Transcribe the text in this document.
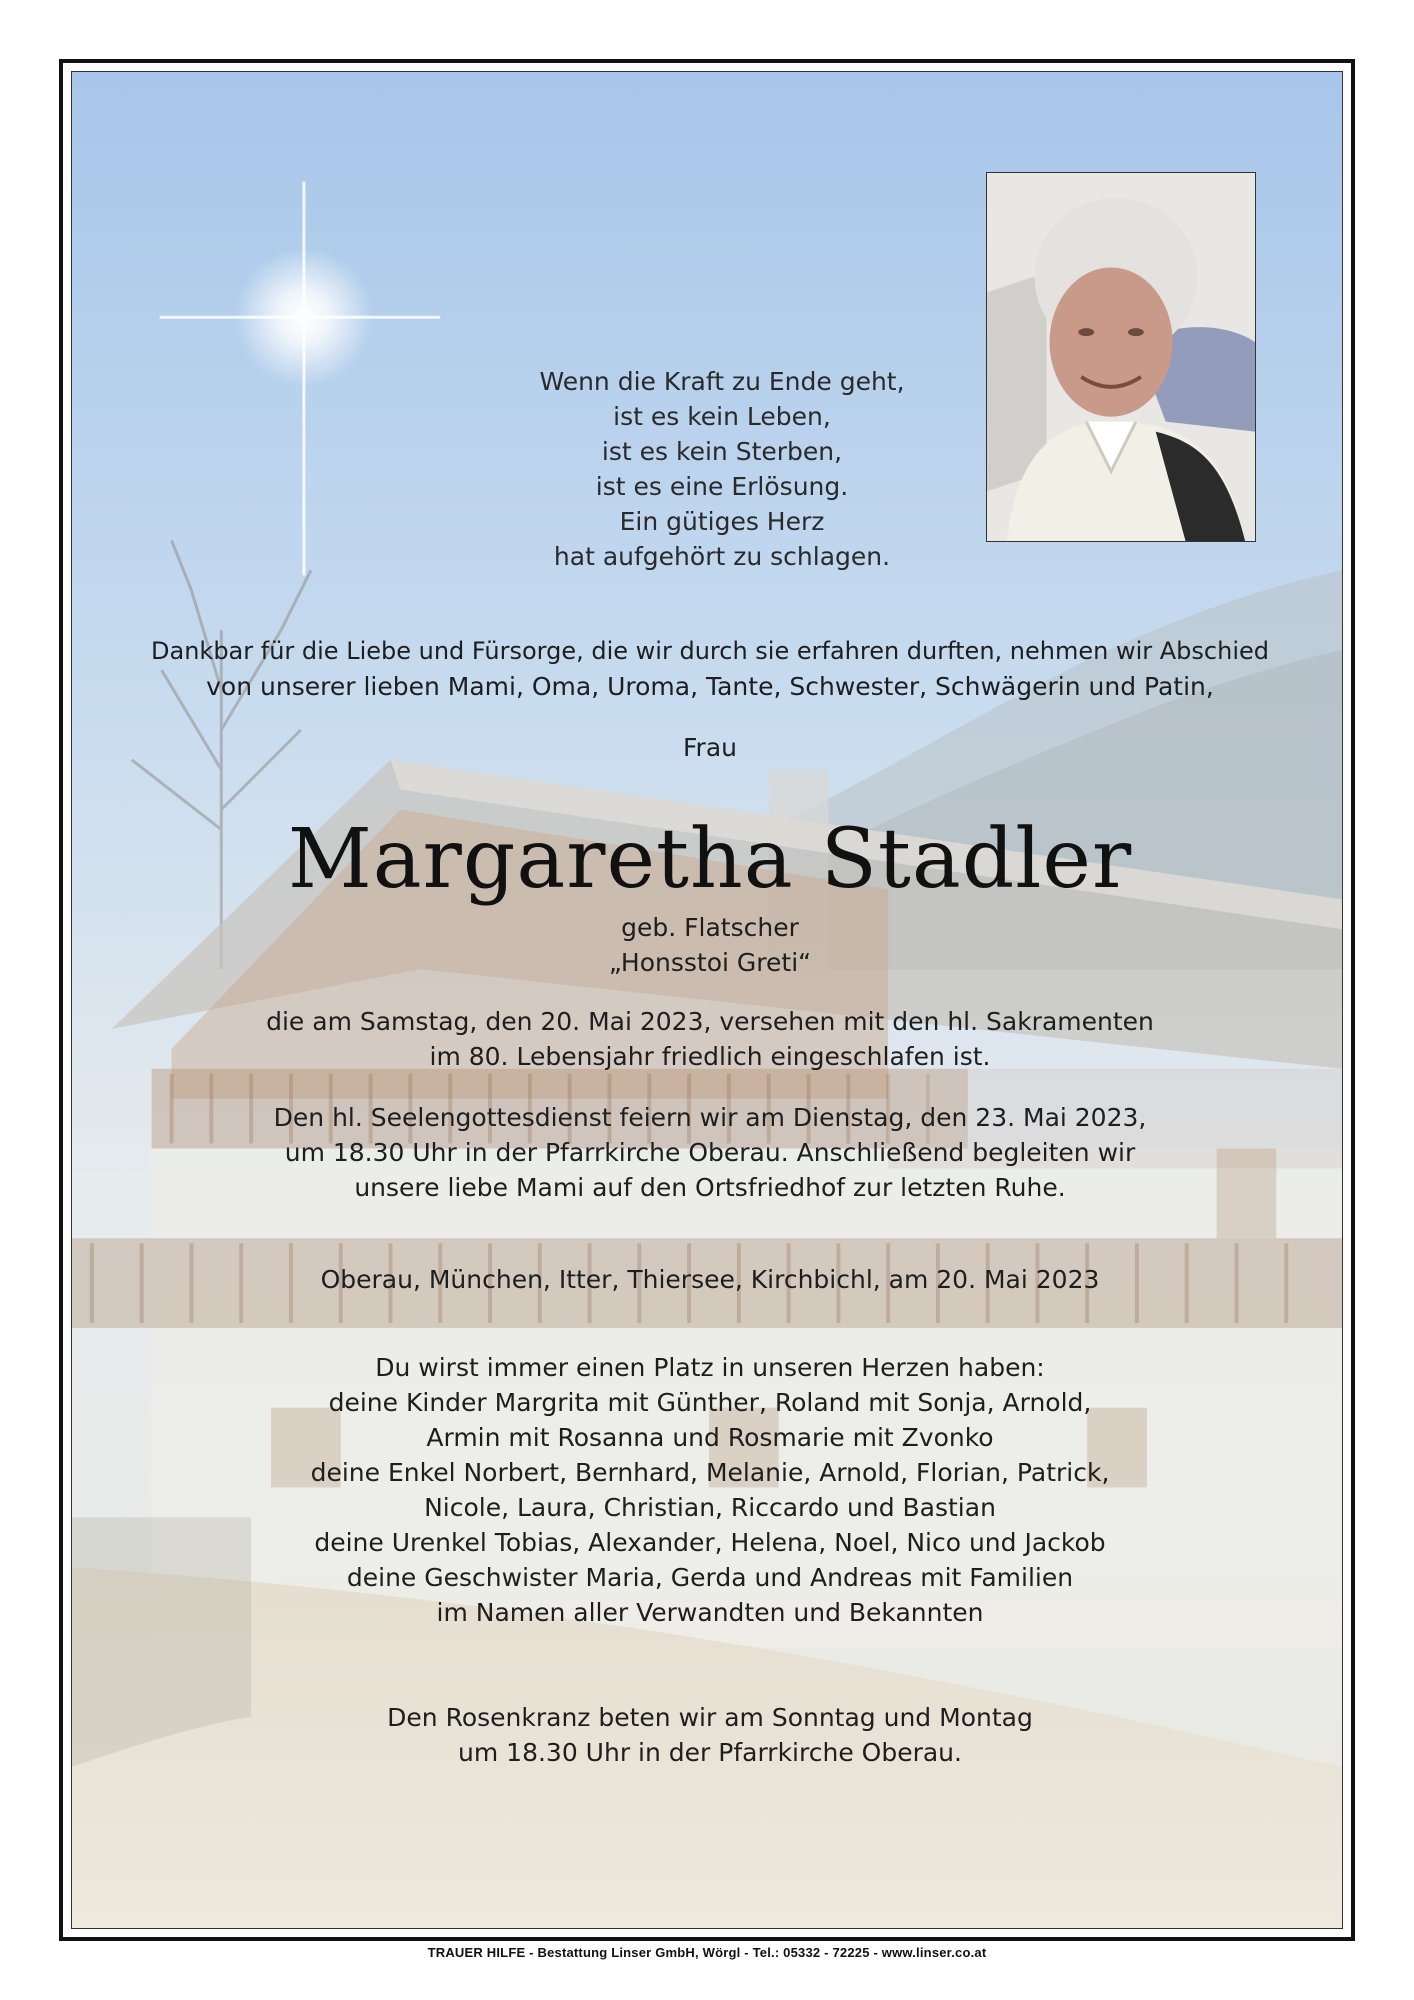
Wenn die Kraft zu Ende geht,
ist es kein Leben,
ist es kein Sterben,
ist es eine Erlösung.
Ein gütiges Herz
hat aufgehört zu schlagen.
Dankbar für die Liebe und Fürsorge, die wir durch sie erfahren durften, nehmen wir Abschied
von unserer lieben Mami, Oma, Uroma, Tante, Schwester, Schwägerin und Patin,
Frau
Margaretha Stadler
geb. Flatscher
„Honsstoi Greti“
die am Samstag, den 20. Mai 2023, versehen mit den hl. Sakramenten
im 80. Lebensjahr friedlich eingeschlafen ist.
Den hl. Seelengottesdienst feiern wir am Dienstag, den 23. Mai 2023,
um 18.30 Uhr in der Pfarrkirche Oberau. Anschließend begleiten wir
unsere liebe Mami auf den Ortsfriedhof zur letzten Ruhe.
Oberau, München, Itter, Thiersee, Kirchbichl, am 20. Mai 2023
Du wirst immer einen Platz in unseren Herzen haben:
deine Kinder Margrita mit Günther, Roland mit Sonja, Arnold,
Armin mit Rosanna und Rosmarie mit Zvonko
deine Enkel Norbert, Bernhard, Melanie, Arnold, Florian, Patrick,
Nicole, Laura, Christian, Riccardo und Bastian
deine Urenkel Tobias, Alexander, Helena, Noel, Nico und Jackob
deine Geschwister Maria, Gerda und Andreas mit Familien
im Namen aller Verwandten und Bekannten
Den Rosenkranz beten wir am Sonntag und Montag
um 18.30 Uhr in der Pfarrkirche Oberau.
TRAUER HILFE - Bestattung Linser GmbH, Wörgl - Tel.: 05332 - 72225 - www.linser.co.at
